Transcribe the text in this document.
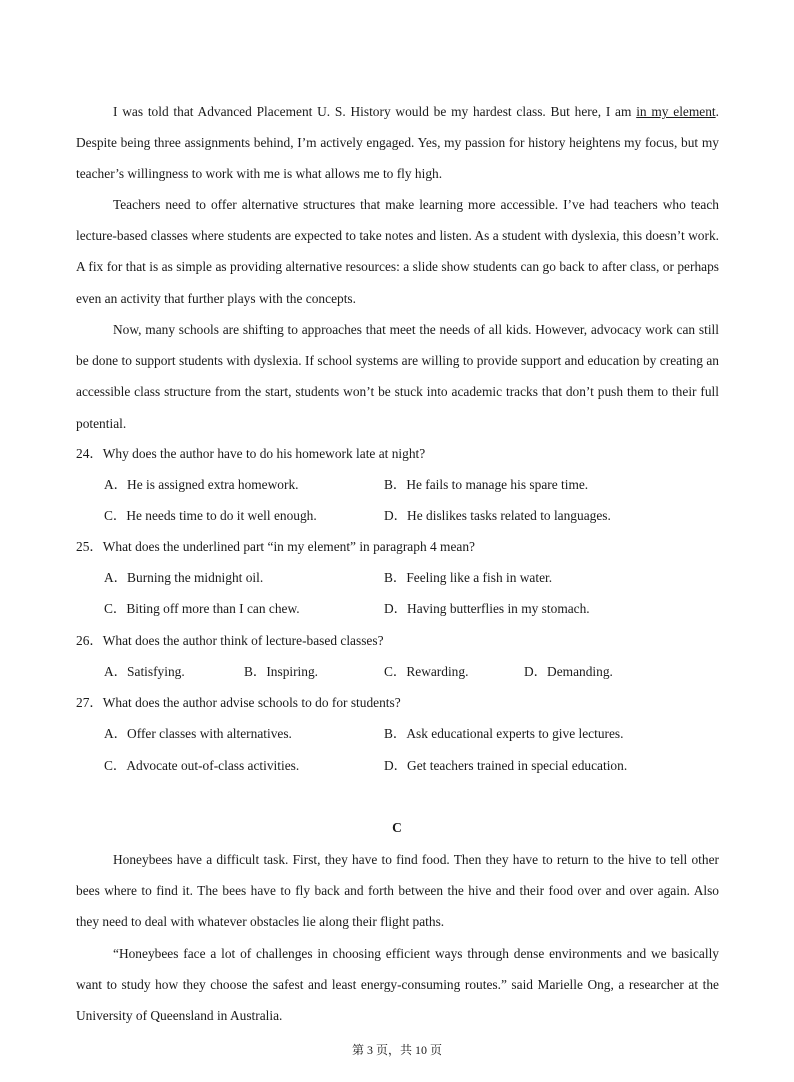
I was told that Advanced Placement U. S. History would be my hardest class. But here, I am in my element. Despite being three assignments behind, I’m actively engaged. Yes, my passion for history heightens my focus, but my teacher’s willingness to work with me is what allows me to fly high.

Teachers need to offer alternative structures that make learning more accessible. I’ve had teachers who teach lecture-based classes where students are expected to take notes and listen. As a student with dyslexia, this doesn’t work. A fix for that is as simple as providing alternative resources: a slide show students can go back to after class, or perhaps even an activity that further plays with the concepts.

Now, many schools are shifting to approaches that meet the needs of all kids. However, advocacy work can still be done to support students with dyslexia. If school systems are willing to provide support and education by creating an accessible class structure from the start, students won’t be stuck into academic tracks that don’t push them to their full potential.

24．Why does the author have to do his homework late at night?
A．He is assigned extra homework.	B．He fails to manage his spare time.
C．He needs time to do it well enough.	D．He dislikes tasks related to languages.
25．What does the underlined part “in my element” in paragraph 4 mean?
A．Burning the midnight oil.	B．Feeling like a fish in water.
C．Biting off more than I can chew.	D．Having butterflies in my stomach.
26．What does the author think of lecture-based classes?
A．Satisfying.	B．Inspiring.	C．Rewarding.	D．Demanding.
27．What does the author advise schools to do for students?
A．Offer classes with alternatives.	B．Ask educational experts to give lectures.
C．Advocate out-of-class activities.	D．Get teachers trained in special education.
C

Honeybees have a difficult task. First, they have to find food. Then they have to return to the hive to tell other bees where to find it. The bees have to fly back and forth between the hive and their food over and over again. Also they need to deal with whatever obstacles lie along their flight paths.

“Honeybees face a lot of challenges in choosing efficient ways through dense environments and we basically want to study how they choose the safest and least energy-consuming routes.” said Marielle Ong, a researcher at the University of Queensland in Australia.

第 3 页，共 10 页
